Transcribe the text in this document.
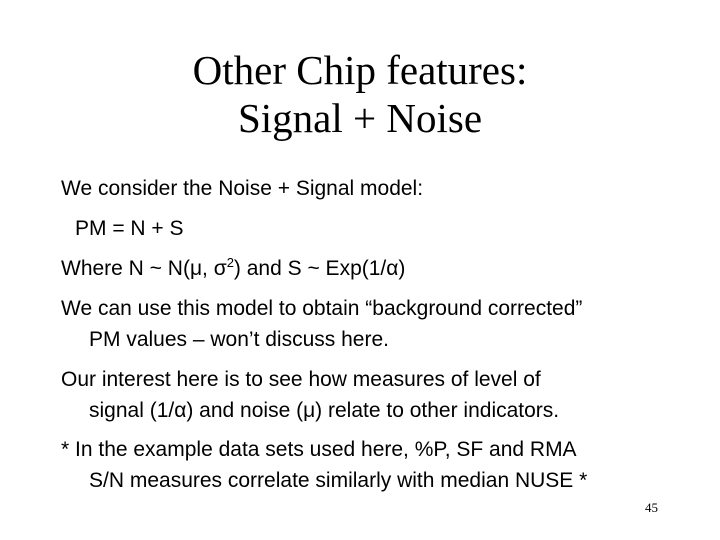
Other Chip features:
Signal + Noise
We consider the Noise + Signal model:
PM = N + S
Where N ~ N(μ, $\sigma^2$) and S ~ Exp(1/α)
We can use this model to obtain “background corrected”
PM values – won’t discuss here.
Our interest here is to see how measures of level of
signal (1/α) and noise (μ) relate to other indicators.
* In the example data sets used here, %P, SF and RMA
S/N measures correlate similarly with median NUSE *
45
